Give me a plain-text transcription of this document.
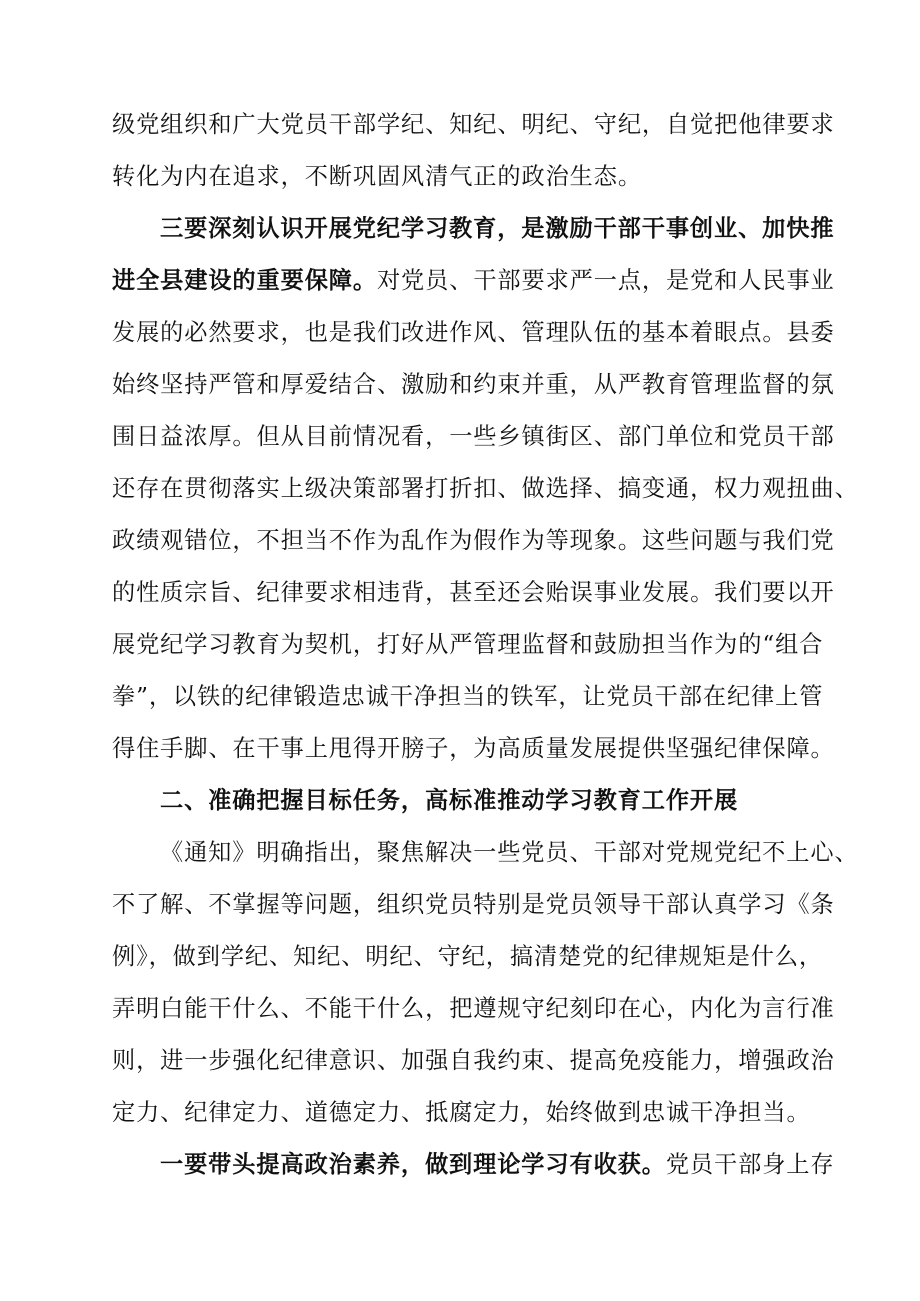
级党组织和广大党员干部学纪、知纪、明纪、守纪，自觉把他律要求
转化为内在追求，不断巩固风清气正的政治生态。
三要深刻认识开展党纪学习教育，是激励干部干事创业、加快推
进全县建设的重要保障。对党员、干部要求严一点，是党和人民事业
发展的必然要求，也是我们改进作风、管理队伍的基本着眼点。县委
始终坚持严管和厚爱结合、激励和约束并重，从严教育管理监督的氛
围日益浓厚。但从目前情况看，一些乡镇街区、部门单位和党员干部
还存在贯彻落实上级决策部署打折扣、做选择、搞变通，权力观扭曲、
政绩观错位，不担当不作为乱作为假作为等现象。这些问题与我们党
的性质宗旨、纪律要求相违背，甚至还会贻误事业发展。我们要以开
展党纪学习教育为契机，打好从严管理监督和鼓励担当作为的“组合
拳”，以铁的纪律锻造忠诚干净担当的铁军，让党员干部在纪律上管
得住手脚、在干事上甩得开膀子，为高质量发展提供坚强纪律保障。
二、准确把握目标任务，高标准推动学习教育工作开展
《通知》明确指出，聚焦解决一些党员、干部对党规党纪不上心、
不了解、不掌握等问题，组织党员特别是党员领导干部认真学习《条
例》，做到学纪、知纪、明纪、守纪，搞清楚党的纪律规矩是什么，
弄明白能干什么、不能干什么，把遵规守纪刻印在心，内化为言行准
则，进一步强化纪律意识、加强自我约束、提高免疫能力，增强政治
定力、纪律定力、道德定力、抵腐定力，始终做到忠诚干净担当。
一要带头提高政治素养，做到理论学习有收获。党员干部身上存
